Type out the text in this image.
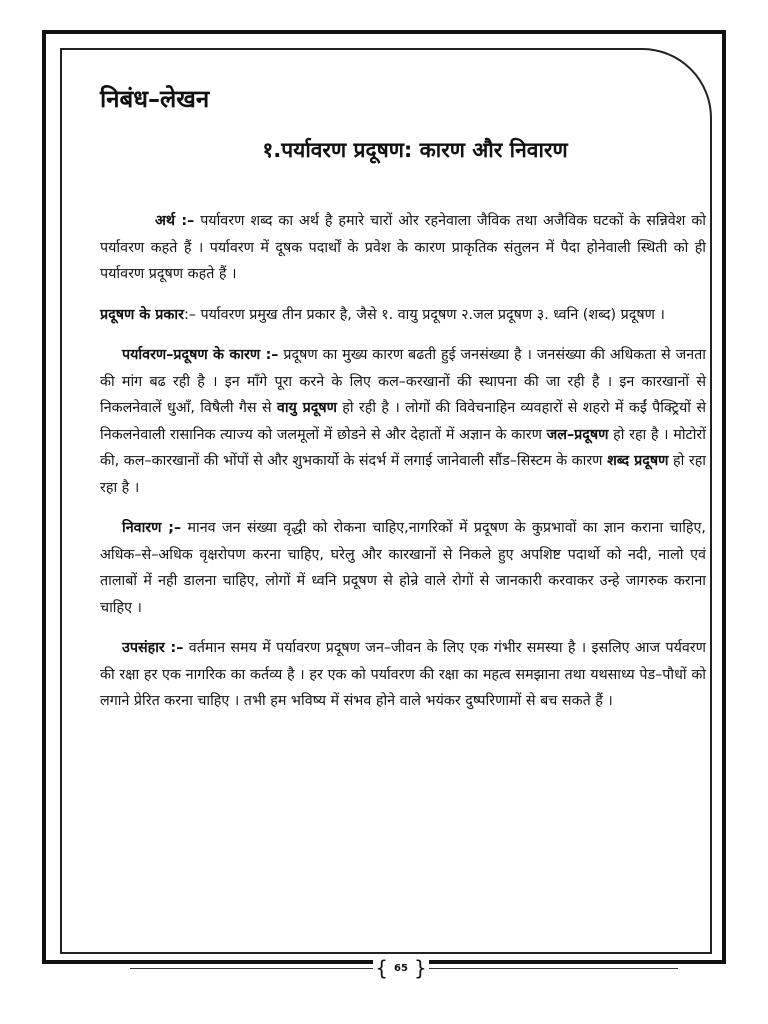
निबंध–लेखन
१.पर्यावरण प्रदूषण: कारण और निवारण

अर्थ :– पर्यावरण शब्द का अर्थ है हमारे चारों ओर रहनेवाला जैविक तथा अजैविक घटकों के सन्निवेश को पर्यावरण कहते हैं । पर्यावरण में दूषक पदार्थों के प्रवेश के कारण प्राकृतिक संतुलन में पैदा होनेवाली स्थिती को ही पर्यावरण प्रदूषण कहते हैं ।

प्रदूषण के प्रकार:– पर्यावरण प्रमुख तीन प्रकार है, जैसे १. वायु प्रदूषण २.जल प्रदूषण ३. ध्वनि (शब्द) प्रदूषण ।

पर्यावरण–प्रदूषण के कारण :– प्रदूषण का मुख्य कारण बढती हुई जनसंख्या है । जनसंख्या की अधिकता से जनता की मांग बढ रही है । इन माँगे पूरा करने के लिए कल–करखानों की स्थापना की जा रही है । इन कारखानों से निकलनेवालें धुआँ, विषैली गैस से वायु प्रदूषण हो रही है । लोगों की विवेचनाहिन व्यवहारों से शहरो में कईं पैक्ट्रियों से निकलनेवाली रासानिक त्याज्य को जलमूलों में छोडने से और देहातों में अज्ञान के कारण जल–प्रदूषण हो रहा है । मोटोरों की, कल–कारखानों की भोंपों से और शुभकार्यो के संदर्भ में लगाई जानेवाली सौंड–सिस्टम के कारण शब्द प्रदूषण हो रहा रहा है ।

निवारण ;– मानव जन संख्या वृद्धी को रोकना चाहिए,नागरिकों में प्रदूषण के कुप्रभावों का ज्ञान कराना चाहिए, अधिक–से–अधिक वृक्षरोपण करना चाहिए, घरेलु और कारखानों से निकले हुए अपशिष्ट पदार्थो को नदी, नालो एवं तालाबों में नही डालना चाहिए, लोगों में ध्वनि प्रदूषण से होन्रे वाले रोगों से जानकारी करवाकर उन्हे जागरुक कराना चाहिए ।

उपसंहार :– वर्तमान समय में पर्यावरण प्रदूषण जन–जीवन के लिए एक गंभीर समस्या है । इसलिए आज पर्यवरण की रक्षा हर एक नागरिक का कर्तव्य है । हर एक को पर्यावरण की रक्षा का महत्व समझाना तथा यथसाध्य पेड–पौधों को लगाने प्रेरित करना चाहिए । तभी हम भविष्य में संभव होने वाले भयंकर दुष्परिणामों से बच सकते हैं ।

{ 65 }
